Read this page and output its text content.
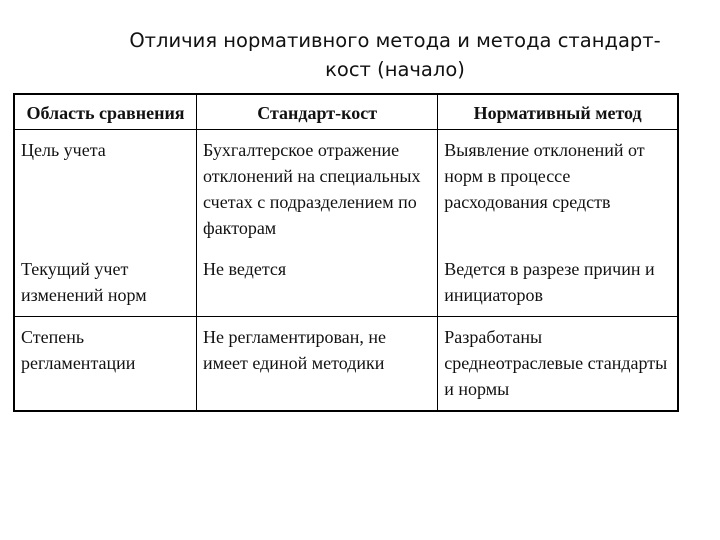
Отличия нормативного метода и метода стандарт-
кост (начало)
Область сравнения	Стандарт-кост	Нормативный метод
Цель учета	Бухгалтерское отражение отклонений на специальных счетах с подразделением по факторам	Выявление отклонений от норм в процессе расходования средств
Текущий учет изменений норм	Не ведется	Ведется в разрезе причин и инициаторов
Степень регламентации	Не регламентирован, не имеет единой методики	Разработаны среднеотраслевые стандарты и нормы
